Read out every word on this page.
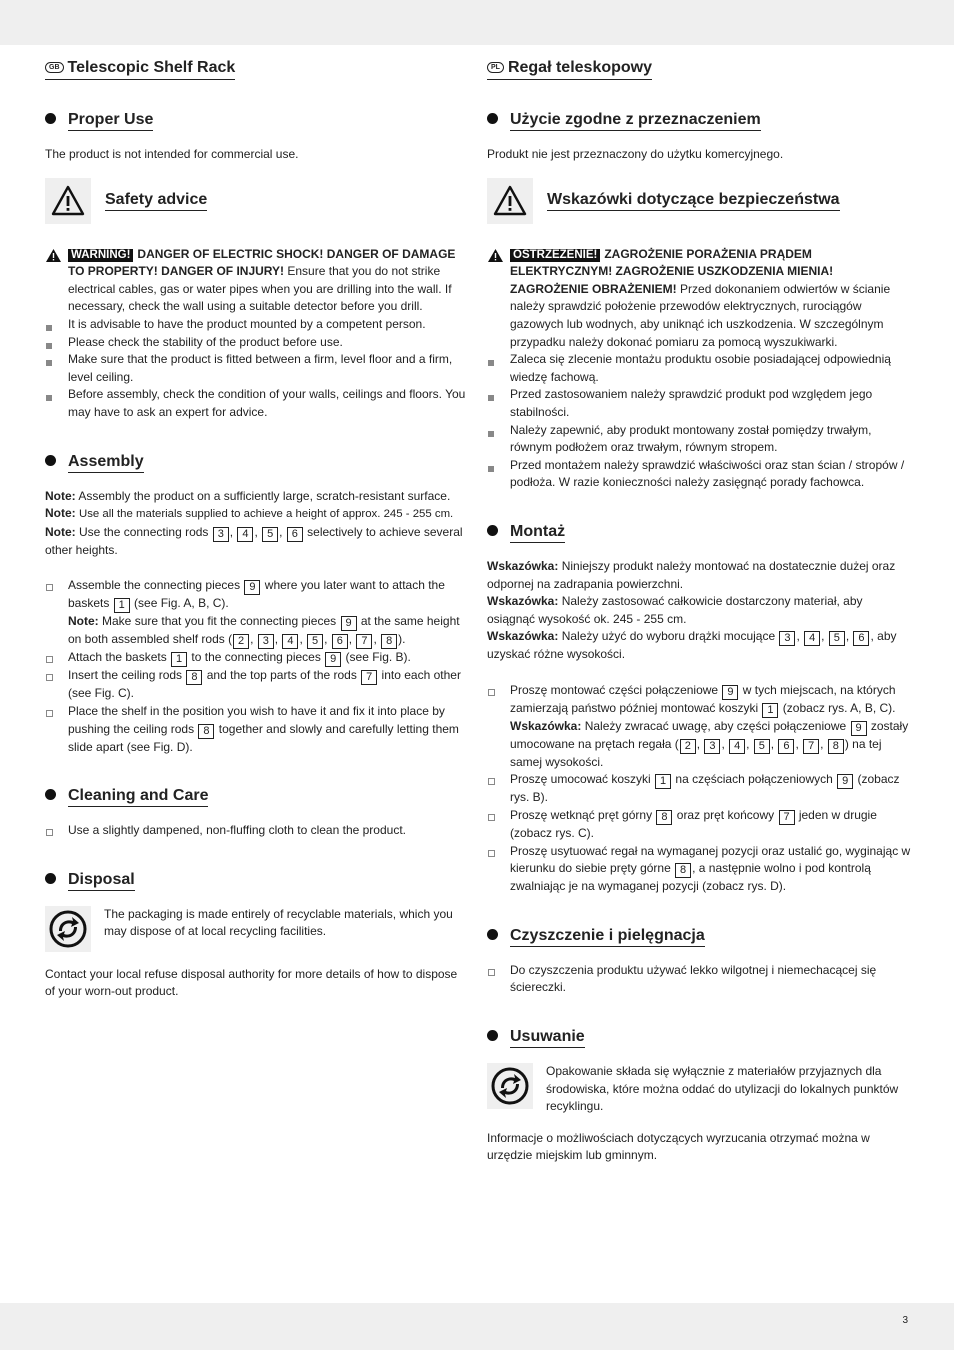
GB Telescopic Shelf Rack
Proper Use

The product is not intended for commercial use.

Safety advice
WARNING! DANGER OF ELECTRIC SHOCK! DANGER OF DAMAGE TO PROPERTY! DANGER OF INJURY! Ensure that you do not strike electrical cables, gas or water pipes when you are drilling into the wall. If necessary, check the wall using a suitable detector before you drill.
It is advisable to have the product mounted by a competent person.
Please check the stability of the product before use.
Make sure that the product is fitted between a firm, level floor and a firm, level ceiling.
Before assembly, check the condition of your walls, ceilings and floors. You may have to ask an expert for advice.
Assembly

Note: Assembly the product on a sufficiently large, scratch-resistant surface.

Note: Use all the materials supplied to achieve a height of approx. 245 - 255 cm.

Note: Use the connecting rods 3 , 4 , 5 , 6 selectively to achieve several other heights.

Assemble the connecting pieces 9 where you later want to attach the baskets 1 (see Fig. A, B, C).
Note: Make sure that you fit the connecting pieces 9 at the same height on both assembled shelf rods ( 2 , 3 , 4 , 5 , 6 , 7 , 8 ).
Attach the baskets 1 to the connecting pieces 9 (see Fig. B).
Insert the ceiling rods 8 and the top parts of the rods 7 into each other (see Fig. C).
Place the shelf in the position you wish to have it and fix it into place by pushing the ceiling rods 8 together and slowly and carefully letting them slide apart (see Fig. D).
Cleaning and Care
Use a slightly dampened, non-fluffing cloth to clean the product.
Disposal
The packaging is made entirely of recyclable materials, which you may dispose of at local recycling facilities.

Contact your local refuse disposal authority for more details of how to dispose of your worn-out product.

PL Regał teleskopowy
Użycie zgodne z przeznaczeniem

Produkt nie jest przeznaczony do użytku komercyjnego.

Wskazówki dotyczące bezpieczeństwa
OSTRZEŻENIE! ZAGROŻENIE PORAŻENIA PRĄDEM ELEKTRYCZNYM! ZAGROŻENIE USZKODZENIA MIENIA! ZAGROŻENIE OBRAŻENIEM! Przed dokonaniem odwiertów w ścianie należy sprawdzić położenie przewodów elektrycznych, rurociągów gazowych lub wodnych, aby uniknąć ich uszkodzenia. W szczególnym przypadku należy dokonać pomiaru za pomocą wyszukiwarki.
Zaleca się zlecenie montażu produktu osobie posiadającej odpowiednią wiedzę fachową.
Przed zastosowaniem należy sprawdzić produkt pod względem jego stabilności.
Należy zapewnić, aby produkt montowany został pomiędzy trwałym, równym podłożem oraz trwałym, równym stropem.
Przed montażem należy sprawdzić właściwości oraz stan ścian / stropów / podłoża. W razie konieczności należy zasięgnąć porady fachowca.
Montaż

Wskazówka: Niniejszy produkt należy montować na dostatecznie dużej oraz odpornej na zadrapania powierzchni.

Wskazówka: Należy zastosować całkowicie dostarczony materiał, aby osiągnąć wysokość ok. 245 - 255 cm.

Wskazówka: Należy użyć do wyboru drążki mocujące 3 , 4 , 5 , 6 , aby uzyskać różne wysokości.

Proszę montować części połączeniowe 9 w tych miejscach, na których zamierzają państwo później montować koszyki 1 (zobacz rys. A, B, C).
Wskazówka: Należy zwracać uwagę, aby części połączeniowe 9 zostały umocowane na prętach regała ( 2 , 3 , 4 , 5 , 6 , 7 , 8 ) na tej samej wysokości.
Proszę umocować koszyki 1 na częściach połączeniowych 9 (zobacz rys. B).
Proszę wetknąć pręt górny 8 oraz pręt końcowy 7 jeden w drugie (zobacz rys. C).
Proszę usytuować regał na wymaganej pozycji oraz ustalić go, wyginając w kierunku do siebie pręty górne 8 , a następnie wolno i pod kontrolą zwalniając je na wymaganej pozycji (zobacz rys. D).
Czyszczenie i pielęgnacja
Do czyszczenia produktu używać lekko wilgotnej i niemechacącej się ściereczki.
Usuwanie
Opakowanie składa się wyłącznie z materiałów przyjaznych dla środowiska, które można oddać do utylizacji do lokalnych punktów recyklingu.

Informacje o możliwościach dotyczących wyrzucania otrzymać można w urzędzie miejskim lub gminnym.

3
